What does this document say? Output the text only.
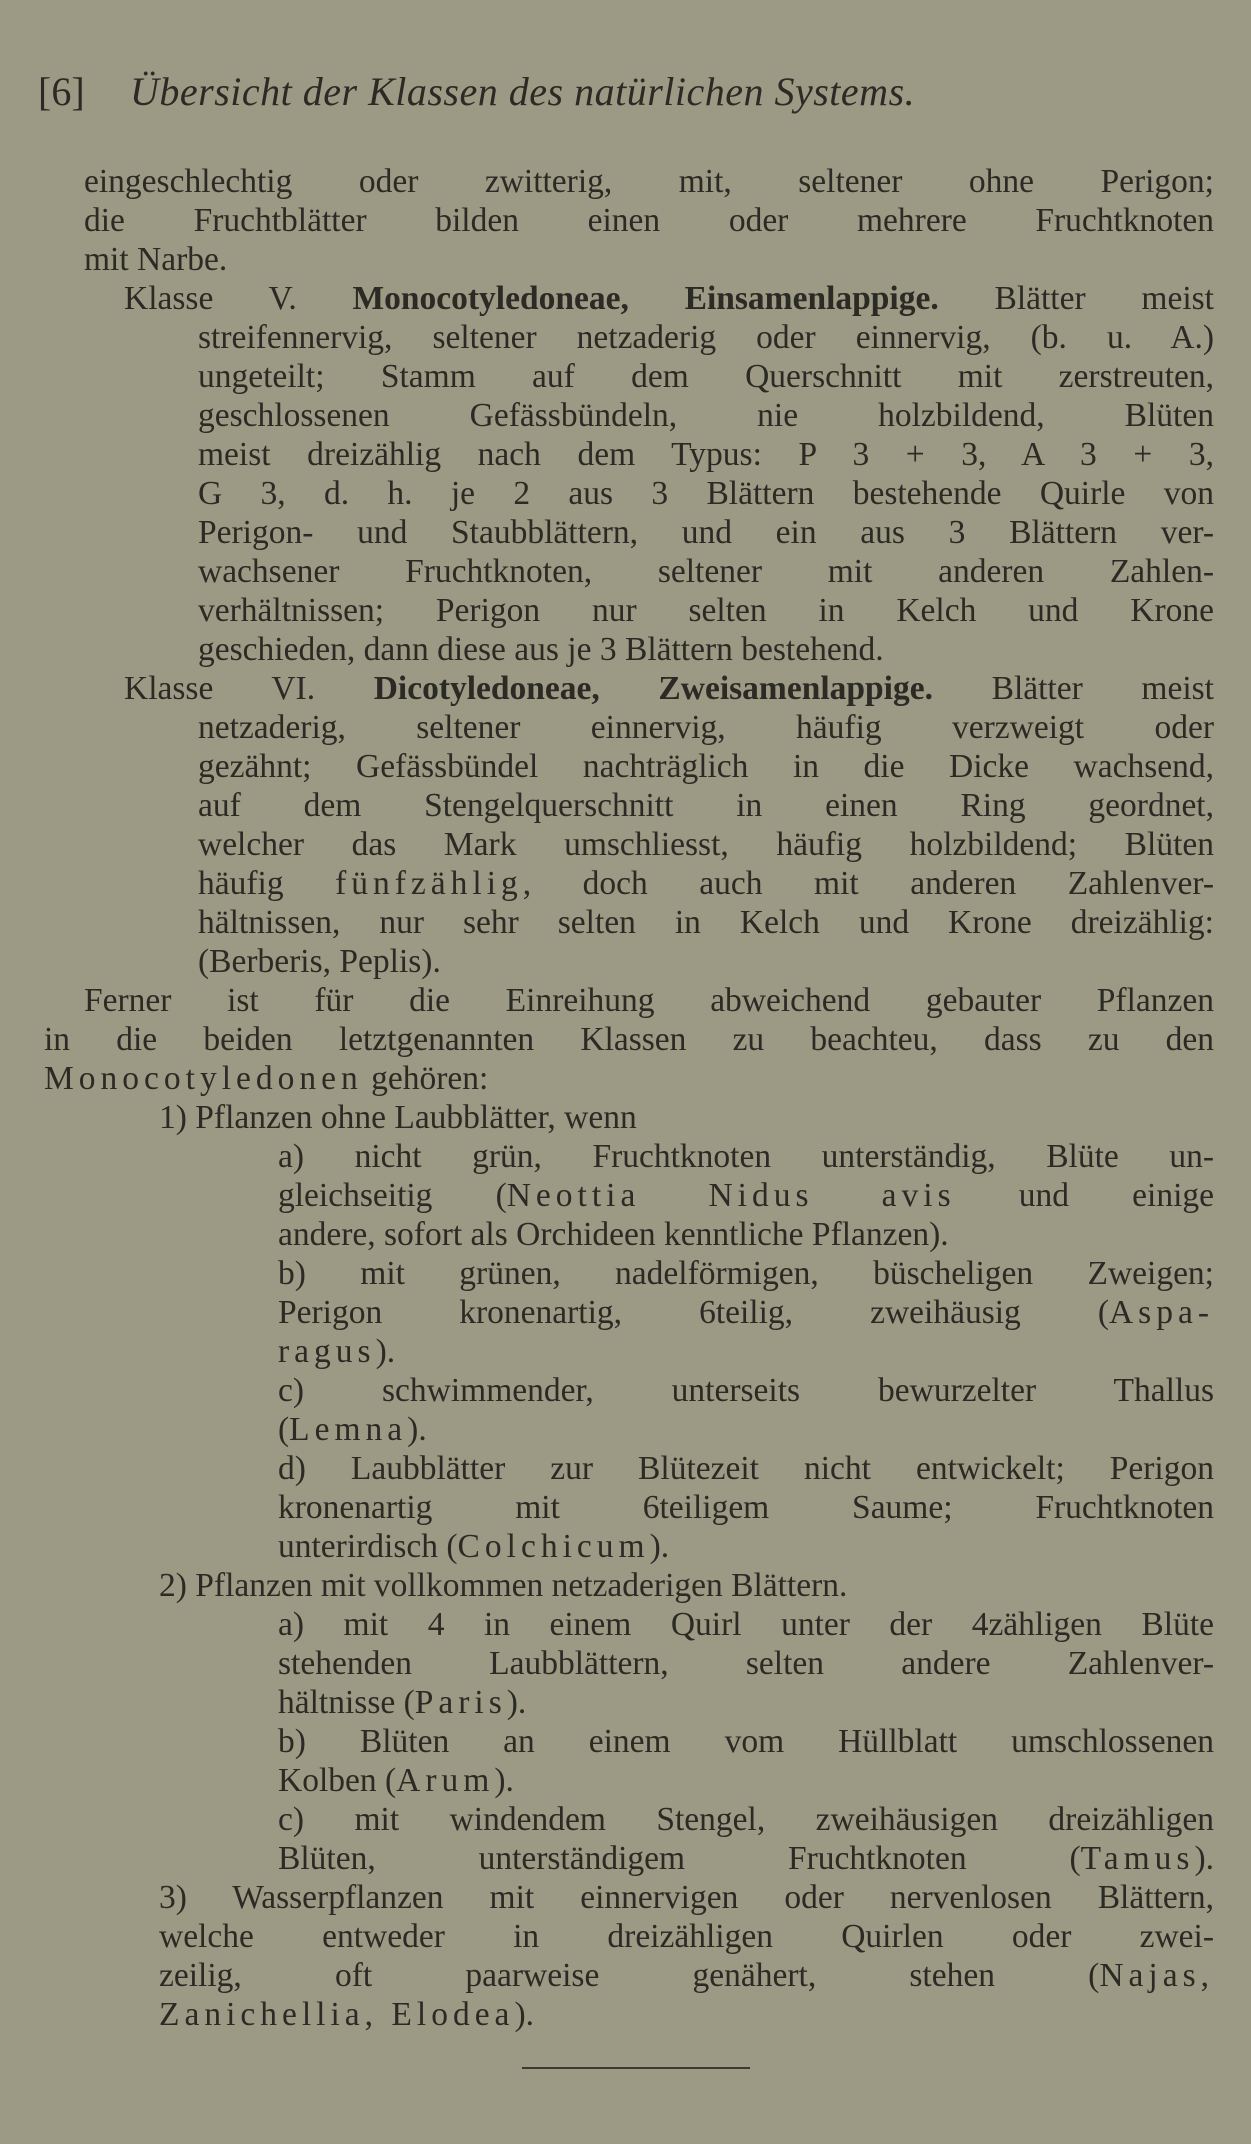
[6] Übersicht der Klassen des natürlichen Systems.
eingeschlechtig oder zwitterig, mit, seltener ohne Perigon;
die Fruchtblätter bilden einen oder mehrere Fruchtknoten
mit Narbe.
Klasse V. Monocotyledoneae, Einsamenlappige. Blätter meist
streifennervig, seltener netzaderig oder einnervig, (b. u. A.)
ungeteilt; Stamm auf dem Querschnitt mit zerstreuten,
geschlossenen Gefässbündeln, nie holzbildend, Blüten
meist dreizählig nach dem Typus: P 3 + 3, A 3 + 3,
G 3, d. h. je 2 aus 3 Blättern bestehende Quirle von
Perigon- und Staubblättern, und ein aus 3 Blättern ver-
wachsener Fruchtknoten, seltener mit anderen Zahlen-
verhältnissen; Perigon nur selten in Kelch und Krone
geschieden, dann diese aus je 3 Blättern bestehend.
Klasse VI. Dicotyledoneae, Zweisamenlappige. Blätter meist
netzaderig, seltener einnervig, häufig verzweigt oder
gezähnt; Gefässbündel nachträglich in die Dicke wachsend,
auf dem Stengelquerschnitt in einen Ring geordnet,
welcher das Mark umschliesst, häufig holzbildend; Blüten
häufig fünfzählig, doch auch mit anderen Zahlenver-
hältnissen, nur sehr selten in Kelch und Krone dreizählig:
(Berberis, Peplis).
Ferner ist für die Einreihung abweichend gebauter Pflanzen
in die beiden letztgenannten Klassen zu beachteu, dass zu den
Monocotyledonen gehören:
1) Pflanzen ohne Laubblätter, wenn
a) nicht grün, Fruchtknoten unterständig, Blüte un-
gleichseitig (Neottia Nidus avis und einige
andere, sofort als Orchideen kenntliche Pflanzen).
b) mit grünen, nadelförmigen, büscheligen Zweigen;
Perigon kronenartig, 6teilig, zweihäusig (Aspa-
ragus).
c) schwimmender, unterseits bewurzelter Thallus
(Lemna).
d) Laubblätter zur Blütezeit nicht entwickelt; Perigon
kronenartig mit 6teiligem Saume; Fruchtknoten
unterirdisch (Colchicum).
2) Pflanzen mit vollkommen netzaderigen Blättern.
a) mit 4 in einem Quirl unter der 4zähligen Blüte
stehenden Laubblättern, selten andere Zahlenver-
hältnisse (Paris).
b) Blüten an einem vom Hüllblatt umschlossenen
Kolben (Arum).
c) mit windendem Stengel, zweihäusigen dreizähligen
Blüten, unterständigem Fruchtknoten (Tamus).
3) Wasserpflanzen mit einnervigen oder nervenlosen Blättern,
welche entweder in dreizähligen Quirlen oder zwei-
zeilig, oft paarweise genähert, stehen (Najas,
Zanichellia, Elodea).
